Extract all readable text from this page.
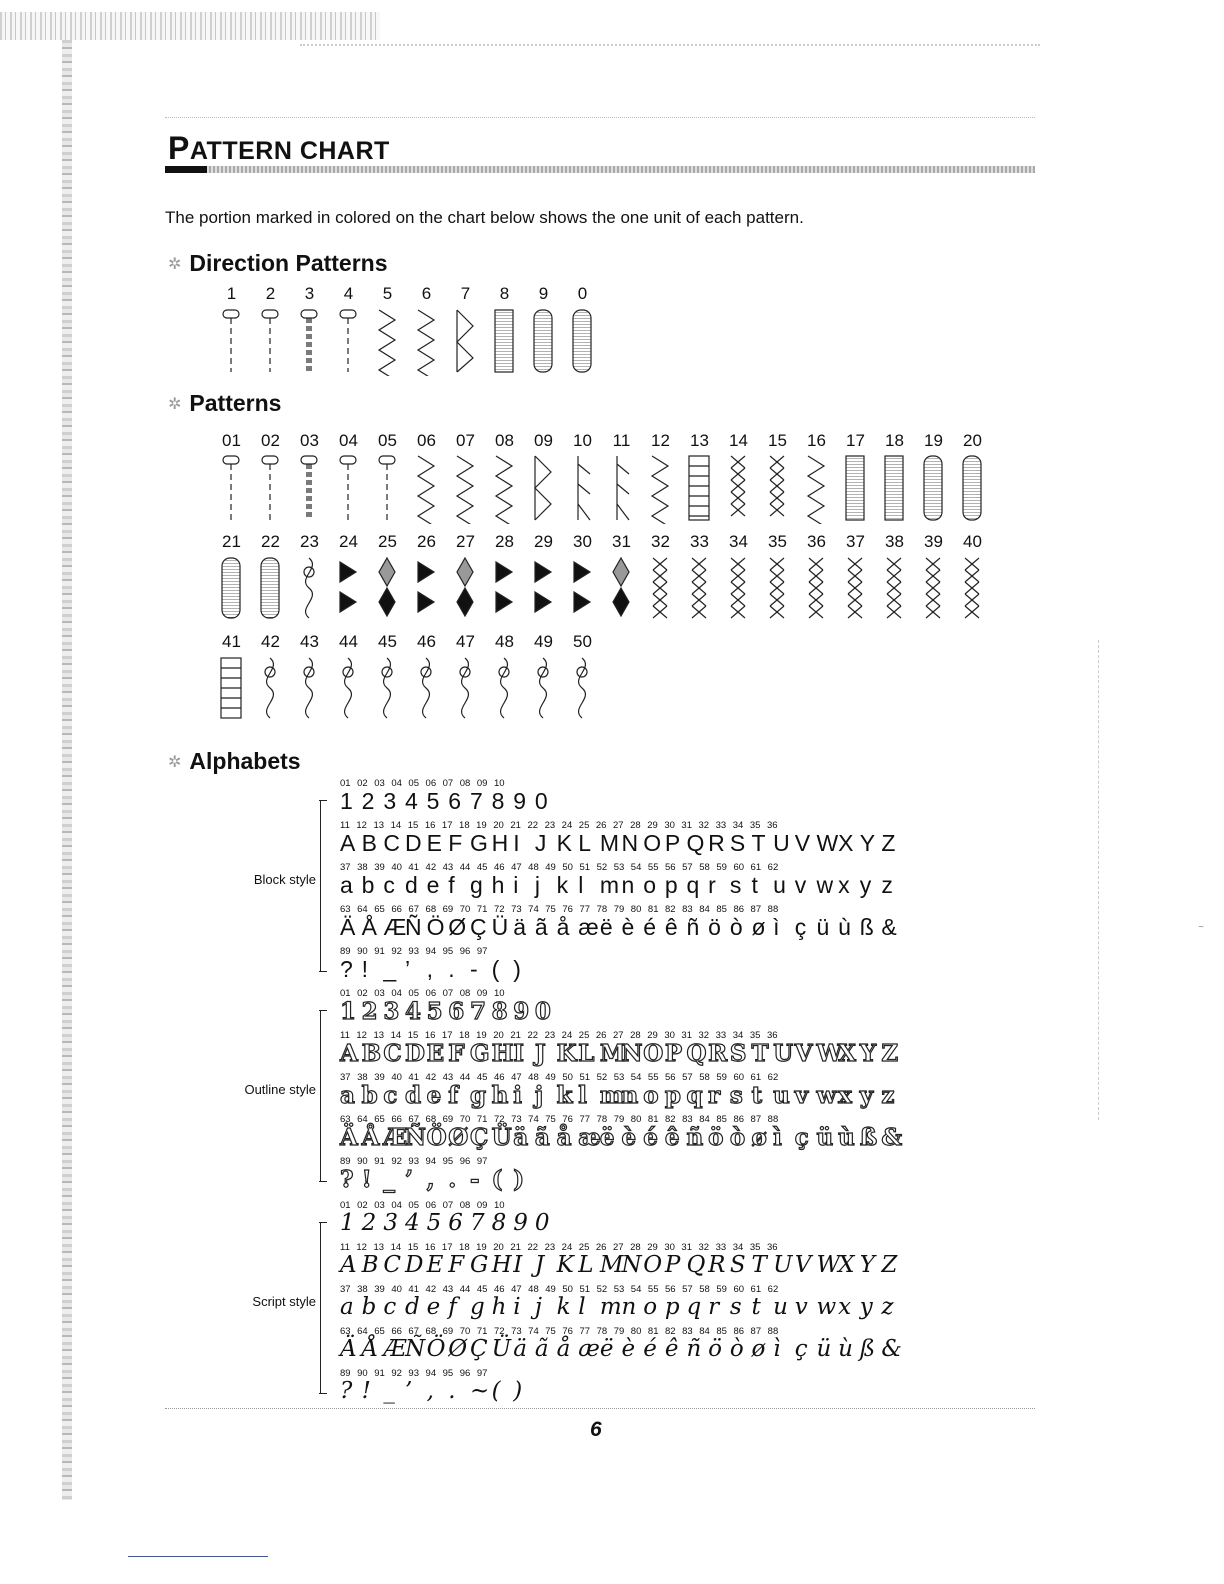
PATTERN CHART
The portion marked in colored on the chart below shows the one unit of each pattern.
✲ Direction Patterns
1	2	3	4	5	6	7	8	9	0
✲ Patterns
01	02	03	04	05	06	07	08	09	10	11	12	13	14	15	16	17	18	19	20
21	22	23	24	25	26	27	28	29	30	31	32	33	34	35	36	37	38	39	40
41	42	43	44	45	46	47	48	49	50
✲ Alphabets
Block style
01 02 03 04 05 06 07 08 09 10
1 2 3 4 5 6 7 8 9 0
11 12 13 14 15 16 17 18 19 20 21 22 23 24 25 26 27 28 29 30 31 32 33 34 35 36
A B C D E F G H I J K L M N O P Q R S T U V WX Y Z
37 38 39 40 41 42 43 44 45 46 47 48 49 50 51 52 53 54 55 56 57 58 59 60 61 62
a b c d e f g h i j k l m n o p q r s t u v w x y z
63 64 65 66 67 68 69 70 71 72 73 74 75 76 77 78 79 80 81 82 83 84 85 86 87 88
Ä Å ÆÑ Ö Ø Ç Ü ä ã å æë è é ê ñ ö ò ø ì ç ü ù ß &
89 90 91 92 93 94 95 96 97
? ! _ ’ , . - ( )
Outline style
01 02 03 04 05 06 07 08 09 10
1 2 3 4 5 6 7 8 9 0
11 12 13 14 15 16 17 18 19 20 21 22 23 24 25 26 27 28 29 30 31 32 33 34 35 36
A BC DE F GHI J KL MNOP QR S T UV WX Y Z
37 38 39 40 41 42 43 44 45 46 47 48 49 50 51 52 53 54 55 56 57 58 59 60 61 62
a b c d e f g h i j k l mn o p q r s t u v wx y z
63 64 65 66 67 68 69 70 71 72 73 74 75 76 77 78 79 80 81 82 83 84 85 86 87 88
Ä Å ÆÑÖØÇ Üä ã å æë è é ê ñ ö ò ø ì ç ü ù ß &
89 90 91 92 93 94 95 96 97
? ! _ ’ , . - ( )
Script style
01 02 03 04 05 06 07 08 09 10
1 2 3 4 5 6 7 8 9 0
11 12 13 14 15 16 17 18 19 20 21 22 23 24 25 26 27 28 29 30 31 32 33 34 35 36
A B C D E F G HI J K L MNO P Q R S T UV WX Y Z
37 38 39 40 41 42 43 44 45 46 47 48 49 50 51 52 53 54 55 56 57 58 59 60 61 62
a b c d e f g h i j k l mn o p q r s t u v wx y z
63 64 65 66 67 68 69 70 71 72 73 74 75 76 77 78 79 80 81 82 83 84 85 86 87 88
Ä Å ÆÑÖ Ø Ç Üä ã å æë è é ê ñ ö ò ø ì ç ü ù ß &
89 90 91 92 93 94 95 96 97
? ! _ ’ , . ~ ( )
~
6
